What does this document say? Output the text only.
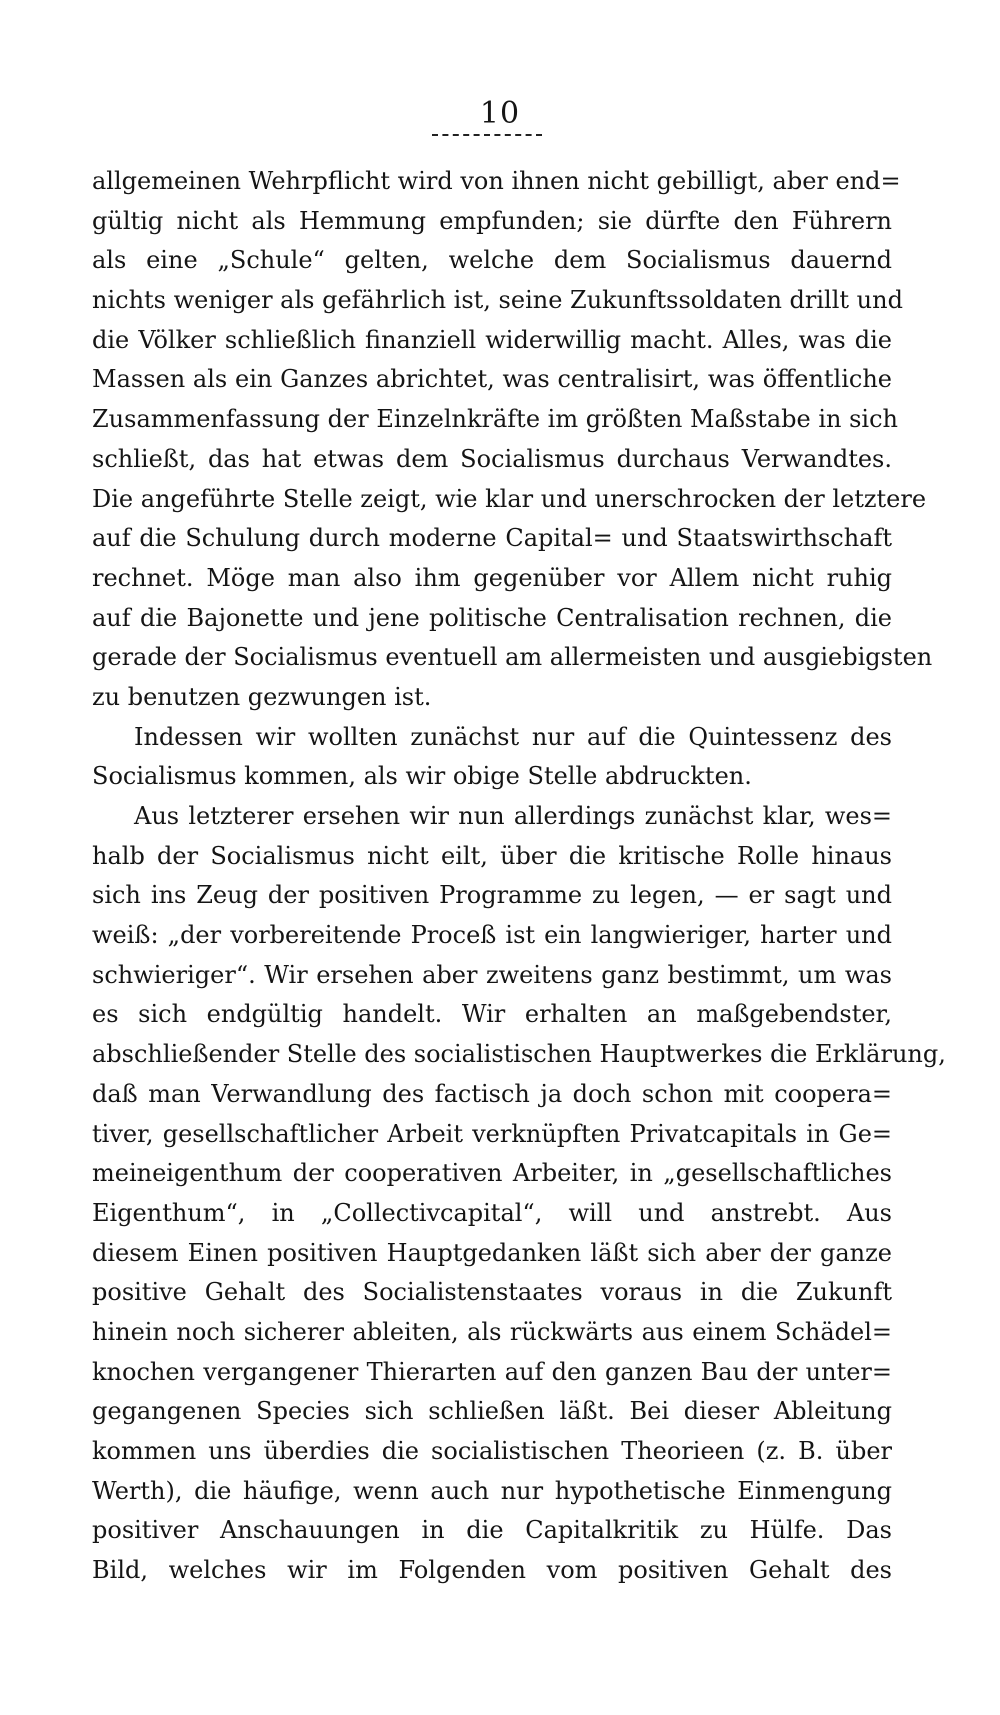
10
allgemeinen Wehrpflicht wird von ihnen nicht gebilligt, aber end=
gültig nicht als Hemmung empfunden; sie dürfte den Führern
als eine „Schule“ gelten, welche dem Socialismus dauernd
nichts weniger als gefährlich ist, seine Zukunftssoldaten drillt und
die Völker schließlich finanziell widerwillig macht. Alles, was die
Massen als ein Ganzes abrichtet, was centralisirt, was öffentliche
Zusammenfassung der Einzelnkräfte im größten Maßstabe in sich
schließt, das hat etwas dem Socialismus durchaus Verwandtes.
Die angeführte Stelle zeigt, wie klar und unerschrocken der letztere
auf die Schulung durch moderne Capital= und Staatswirthschaft
rechnet. Möge man also ihm gegenüber vor Allem nicht ruhig
auf die Bajonette und jene politische Centralisation rechnen, die
gerade der Socialismus eventuell am allermeisten und ausgiebigsten
zu benutzen gezwungen ist.
Indessen wir wollten zunächst nur auf die Quintessenz des
Socialismus kommen, als wir obige Stelle abdruckten.
Aus letzterer ersehen wir nun allerdings zunächst klar, wes=
halb der Socialismus nicht eilt, über die kritische Rolle hinaus
sich ins Zeug der positiven Programme zu legen, — er sagt und
weiß: „der vorbereitende Proceß ist ein langwieriger, harter und
schwieriger“. Wir ersehen aber zweitens ganz bestimmt, um was
es sich endgültig handelt. Wir erhalten an maßgebendster,
abschließender Stelle des socialistischen Hauptwerkes die Erklärung,
daß man Verwandlung des factisch ja doch schon mit coopera=
tiver, gesellschaftlicher Arbeit verknüpften Privatcapitals in Ge=
meineigenthum der cooperativen Arbeiter, in „gesellschaftliches
Eigenthum“, in „Collectivcapital“, will und anstrebt. Aus
diesem Einen positiven Hauptgedanken läßt sich aber der ganze
positive Gehalt des Socialistenstaates voraus in die Zukunft
hinein noch sicherer ableiten, als rückwärts aus einem Schädel=
knochen vergangener Thierarten auf den ganzen Bau der unter=
gegangenen Species sich schließen läßt. Bei dieser Ableitung
kommen uns überdies die socialistischen Theorieen (z. B. über
Werth), die häufige, wenn auch nur hypothetische Einmengung
positiver Anschauungen in die Capitalkritik zu Hülfe. Das
Bild, welches wir im Folgenden vom positiven Gehalt des
